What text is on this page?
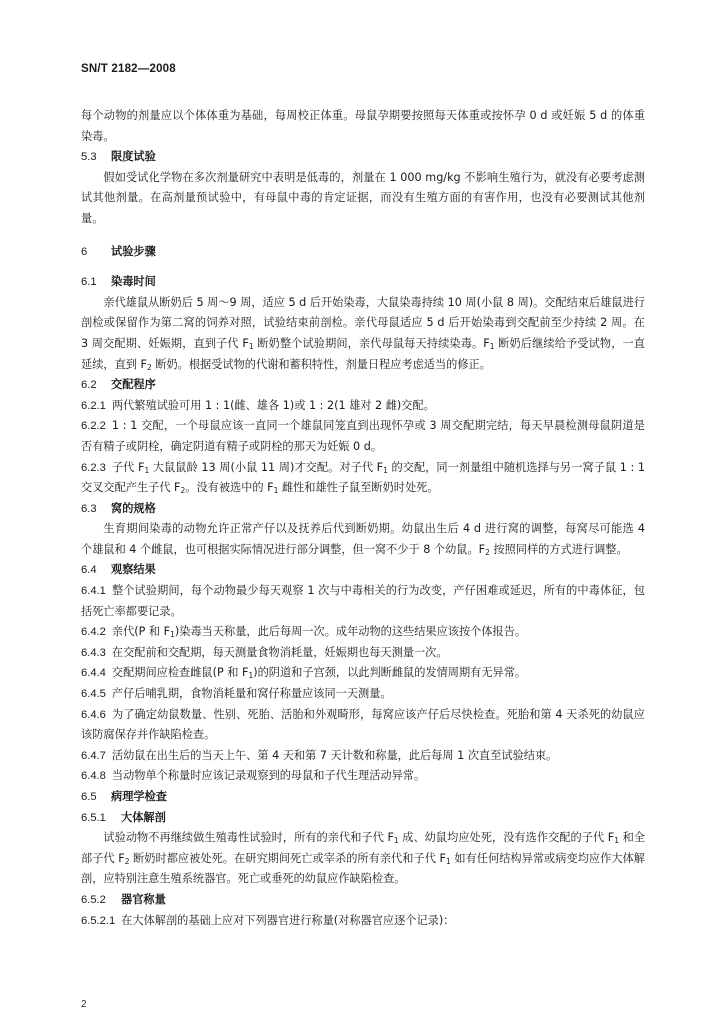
SN/T 2182—2008

每个动物的剂量应以个体体重为基础，每周校正体重。母鼠孕期要按照每天体重或按怀孕 0 d 或妊娠 5 d 的体重染毒。

5.3 限度试验

假如受试化学物在多次剂量研究中表明是低毒的，剂量在 1 000 mg/kg 不影响生殖行为，就没有必要考虑测试其他剂量。在高剂量预试验中，有母鼠中毒的肯定证据，而没有生殖方面的有害作用，也没有必要测试其他剂量。

6 试验步骤

6.1 染毒时间

亲代雄鼠从断奶后 5 周～9 周，适应 5 d 后开始染毒，大鼠染毒持续 10 周(小鼠 8 周)。交配结束后雄鼠进行剖检或保留作为第二窝的饲养对照，试验结束前剖检。亲代母鼠适应 5 d 后开始染毒到交配前至少持续 2 周。在 3 周交配期、妊娠期，直到子代 $F_1$ 断奶整个试验期间，亲代母鼠每天持续染毒。$F_1$ 断奶后继续给予受试物，一直延续，直到 $F_2$ 断奶。根据受试物的代谢和蓄积特性，剂量日程应考虑适当的修正。

6.2 交配程序

6.2.1 两代繁殖试验可用 1 : 1(雌、雄各 1)或 1 : 2(1 雄对 2 雌)交配。

6.2.2 1 : 1 交配，一个母鼠应该一直同一个雄鼠同笼直到出现怀孕或 3 周交配期完结，每天早晨检测母鼠阴道是否有精子或阴栓，确定阴道有精子或阴栓的那天为妊娠 0 d。

6.2.3 子代 $F_1$ 大鼠鼠龄 13 周(小鼠 11 周)才交配。对子代 $F_1$ 的交配，同一剂量组中随机选择与另一窝子鼠 1 : 1 交叉交配产生子代 $F_2$。没有被选中的 $F_1$ 雌性和雄性子鼠至断奶时处死。

6.3 窝的规格

生育期间染毒的动物允许正常产仔以及抚养后代到断奶期。幼鼠出生后 4 d 进行窝的调整，每窝尽可能选 4 个雄鼠和 4 个雌鼠，也可根据实际情况进行部分调整，但一窝不少于 8 个幼鼠。$F_2$ 按照同样的方式进行调整。

6.4 观察结果

6.4.1 整个试验期间，每个动物最少每天观察 1 次与中毒相关的行为改变，产仔困难或延迟，所有的中毒体征，包括死亡率都要记录。

6.4.2 亲代(P 和 $F_1$)染毒当天称量，此后每周一次。成年动物的这些结果应该按个体报告。

6.4.3 在交配前和交配期，每天测量食物消耗量，妊娠期也每天测量一次。

6.4.4 交配期间应检查雌鼠(P 和 $F_1$)的阴道和子宫颈，以此判断雌鼠的发情周期有无异常。

6.4.5 产仔后哺乳期，食物消耗量和窝仔称量应该同一天测量。

6.4.6 为了确定幼鼠数量、性别、死胎、活胎和外观畸形，每窝应该产仔后尽快检查。死胎和第 4 天杀死的幼鼠应该防腐保存并作缺陷检查。

6.4.7 活幼鼠在出生后的当天上午、第 4 天和第 7 天计数和称量，此后每周 1 次直至试验结束。

6.4.8 当动物单个称量时应该记录观察到的母鼠和子代生理活动异常。

6.5 病理学检查

6.5.1 大体解剖

试验动物不再继续做生殖毒性试验时，所有的亲代和子代 $F_1$ 成、幼鼠均应处死，没有选作交配的子代 $F_1$ 和全部子代 $F_2$ 断奶时都应被处死。在研究期间死亡或宰杀的所有亲代和子代 $F_1$ 如有任何结构异常或病变均应作大体解剖，应特别注意生殖系统器官。死亡或垂死的幼鼠应作缺陷检查。

6.5.2 器官称量

6.5.2.1 在大体解剖的基础上应对下列器官进行称量(对称器官应逐个记录)：

2
